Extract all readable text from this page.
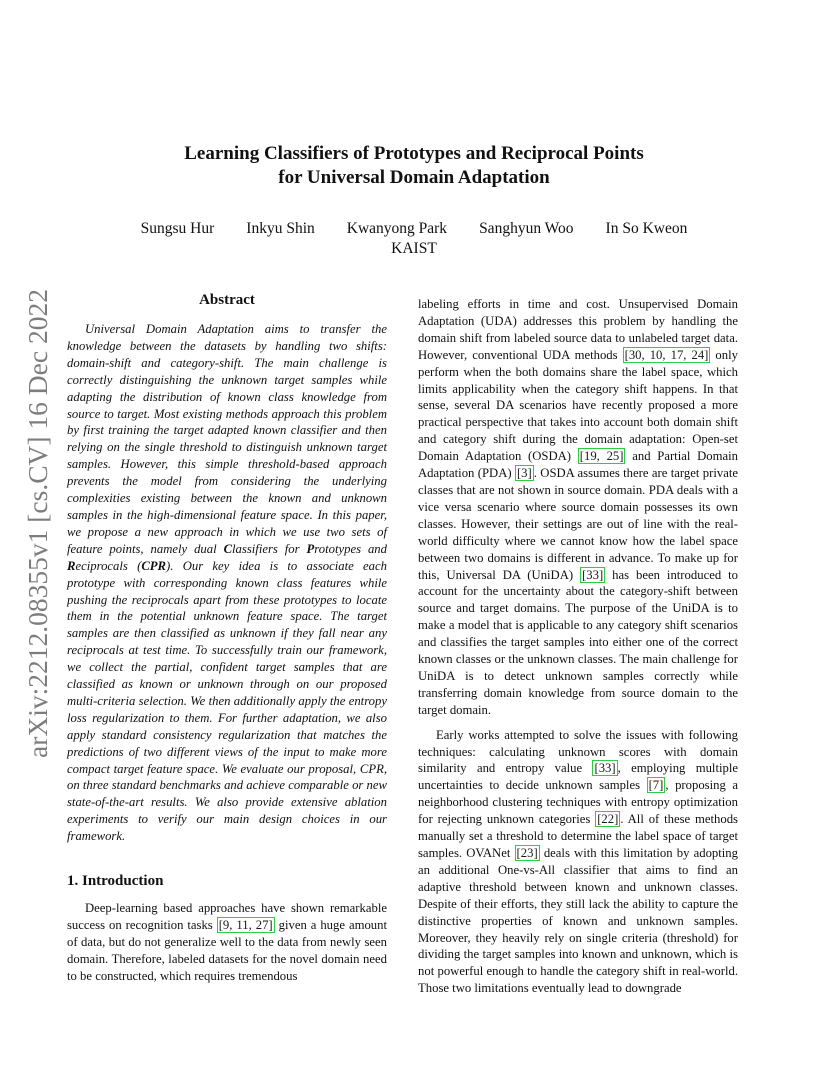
arXiv:2212.08355v1 [cs.CV] 16 Dec 2022
Learning Classifiers of Prototypes and Reciprocal Points
for Universal Domain Adaptation
Sungsu Hur Inkyu Shin Kwanyong Park Sanghyun Woo In So Kweon
KAIST
Abstract

Universal Domain Adaptation aims to transfer the knowledge between the datasets by handling two shifts: domain-shift and category-shift. The main challenge is correctly distinguishing the unknown target samples while adapting the distribution of known class knowledge from source to target. Most existing methods approach this problem by first training the target adapted known classifier and then relying on the single threshold to distinguish unknown target samples. However, this simple threshold-based approach prevents the model from considering the underlying complexities existing between the known and unknown samples in the high-dimensional feature space. In this paper, we propose a new approach in which we use two sets of feature points, namely dual Classifiers for Prototypes and Reciprocals (CPR). Our key idea is to associate each prototype with corresponding known class features while pushing the reciprocals apart from these prototypes to locate them in the potential unknown feature space. The target samples are then classified as unknown if they fall near any reciprocals at test time. To successfully train our framework, we collect the partial, confident target samples that are classified as known or unknown through on our proposed multi-criteria selection. We then additionally apply the entropy loss regularization to them. For further adaptation, we also apply standard consistency regularization that matches the predictions of two different views of the input to make more compact target feature space. We evaluate our proposal, CPR, on three standard benchmarks and achieve comparable or new state-of-the-art results. We also provide extensive ablation experiments to verify our main design choices in our framework.

1. Introduction

Deep-learning based approaches have shown remarkable success on recognition tasks [9, 11, 27] given a huge amount of data, but do not generalize well to the data from newly seen domain. Therefore, labeled datasets for the novel domain need to be constructed, which requires tremendous

labeling efforts in time and cost. Unsupervised Domain Adaptation (UDA) addresses this problem by handling the domain shift from labeled source data to unlabeled target data. However, conventional UDA methods [30, 10, 17, 24] only perform when the both domains share the label space, which limits applicability when the category shift happens. In that sense, several DA scenarios have recently proposed a more practical perspective that takes into account both domain shift and category shift during the domain adaptation: Open-set Domain Adaptation (OSDA) [19, 25] and Partial Domain Adaptation (PDA) [3] . OSDA assumes there are target private classes that are not shown in source domain. PDA deals with a vice versa scenario where source domain possesses its own classes. However, their settings are out of line with the real-world difficulty where we cannot know how the label space between two domains is different in advance. To make up for this, Universal DA (UniDA) [33] has been introduced to account for the uncertainty about the category-shift between source and target domains. The purpose of the UniDA is to make a model that is applicable to any category shift scenarios and classifies the target samples into either one of the correct known classes or the unknown classes. The main challenge for UniDA is to detect unknown samples correctly while transferring domain knowledge from source domain to the target domain.

Early works attempted to solve the issues with following techniques: calculating unknown scores with domain similarity and entropy value [33] , employing multiple uncertainties to decide unknown samples [7] , proposing a neighborhood clustering techniques with entropy optimization for rejecting unknown categories [22] . All of these methods manually set a threshold to determine the label space of target samples. OVANet [23] deals with this limitation by adopting an additional One-vs-All classifier that aims to find an adaptive threshold between known and unknown classes. Despite of their efforts, they still lack the ability to capture the distinctive properties of known and unknown samples. Moreover, they heavily rely on single criteria (threshold) for dividing the target samples into known and unknown, which is not powerful enough to handle the category shift in real-world. Those two limitations eventually lead to downgrade
